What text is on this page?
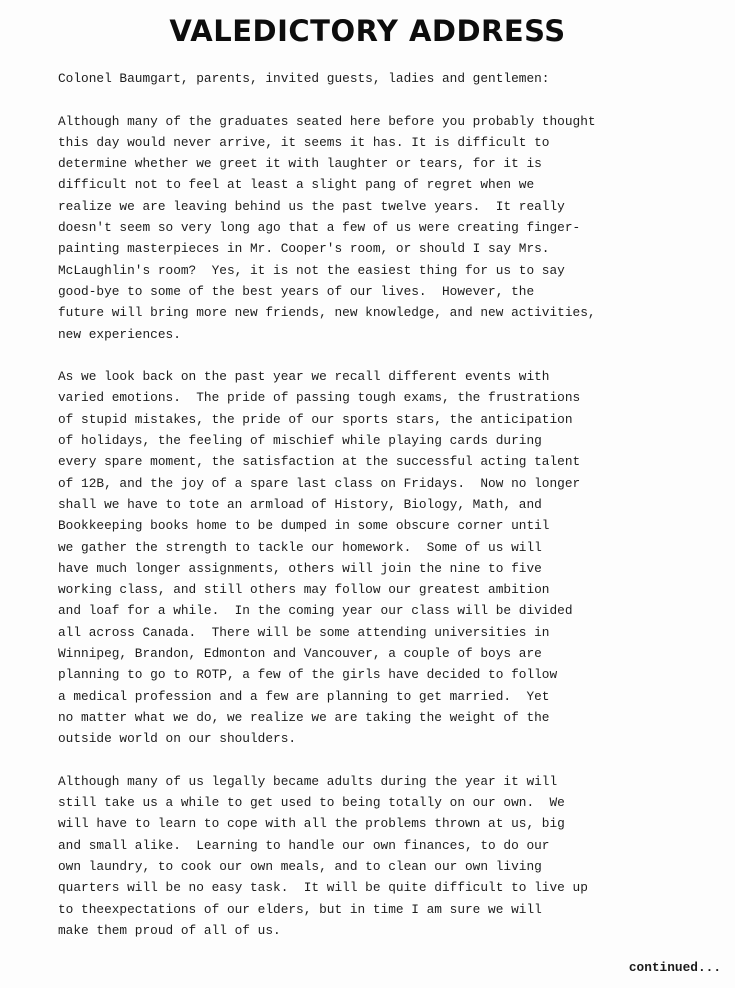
VALEDICTORY ADDRESS
Colonel Baumgart, parents, invited guests, ladies and gentlemen:
Although many of the graduates seated here before you probably thought
this day would never arrive, it seems it has. It is difficult to
determine whether we greet it with laughter or tears, for it is
difficult not to feel at least a slight pang of regret when we
realize we are leaving behind us the past twelve years.  It really
doesn't seem so very long ago that a few of us were creating finger-
painting masterpieces in Mr. Cooper's room, or should I say Mrs.
McLaughlin's room?  Yes, it is not the easiest thing for us to say
good-bye to some of the best years of our lives.  However, the
future will bring more new friends, new knowledge, and new activities,
new experiences.
As we look back on the past year we recall different events with
varied emotions.  The pride of passing tough exams, the frustrations
of stupid mistakes, the pride of our sports stars, the anticipation
of holidays, the feeling of mischief while playing cards during
every spare moment, the satisfaction at the successful acting talent
of 12B, and the joy of a spare last class on Fridays.  Now no longer
shall we have to tote an armload of History, Biology, Math, and
Bookkeeping books home to be dumped in some obscure corner until
we gather the strength to tackle our homework.  Some of us will
have much longer assignments, others will join the nine to five
working class, and still others may follow our greatest ambition
and loaf for a while.  In the coming year our class will be divided
all across Canada.  There will be some attending universities in
Winnipeg, Brandon, Edmonton and Vancouver, a couple of boys are
planning to go to ROTP, a few of the girls have decided to follow
a medical profession and a few are planning to get married.  Yet
no matter what we do, we realize we are taking the weight of the
outside world on our shoulders.
Although many of us legally became adults during the year it will
still take us a while to get used to being totally on our own.  We
will have to learn to cope with all the problems thrown at us, big
and small alike.  Learning to handle our own finances, to do our
own laundry, to cook our own meals, and to clean our own living
quarters will be no easy task.  It will be quite difficult to live up
to theexpectations of our elders, but in time I am sure we will
make them proud of all of us.
continued...
